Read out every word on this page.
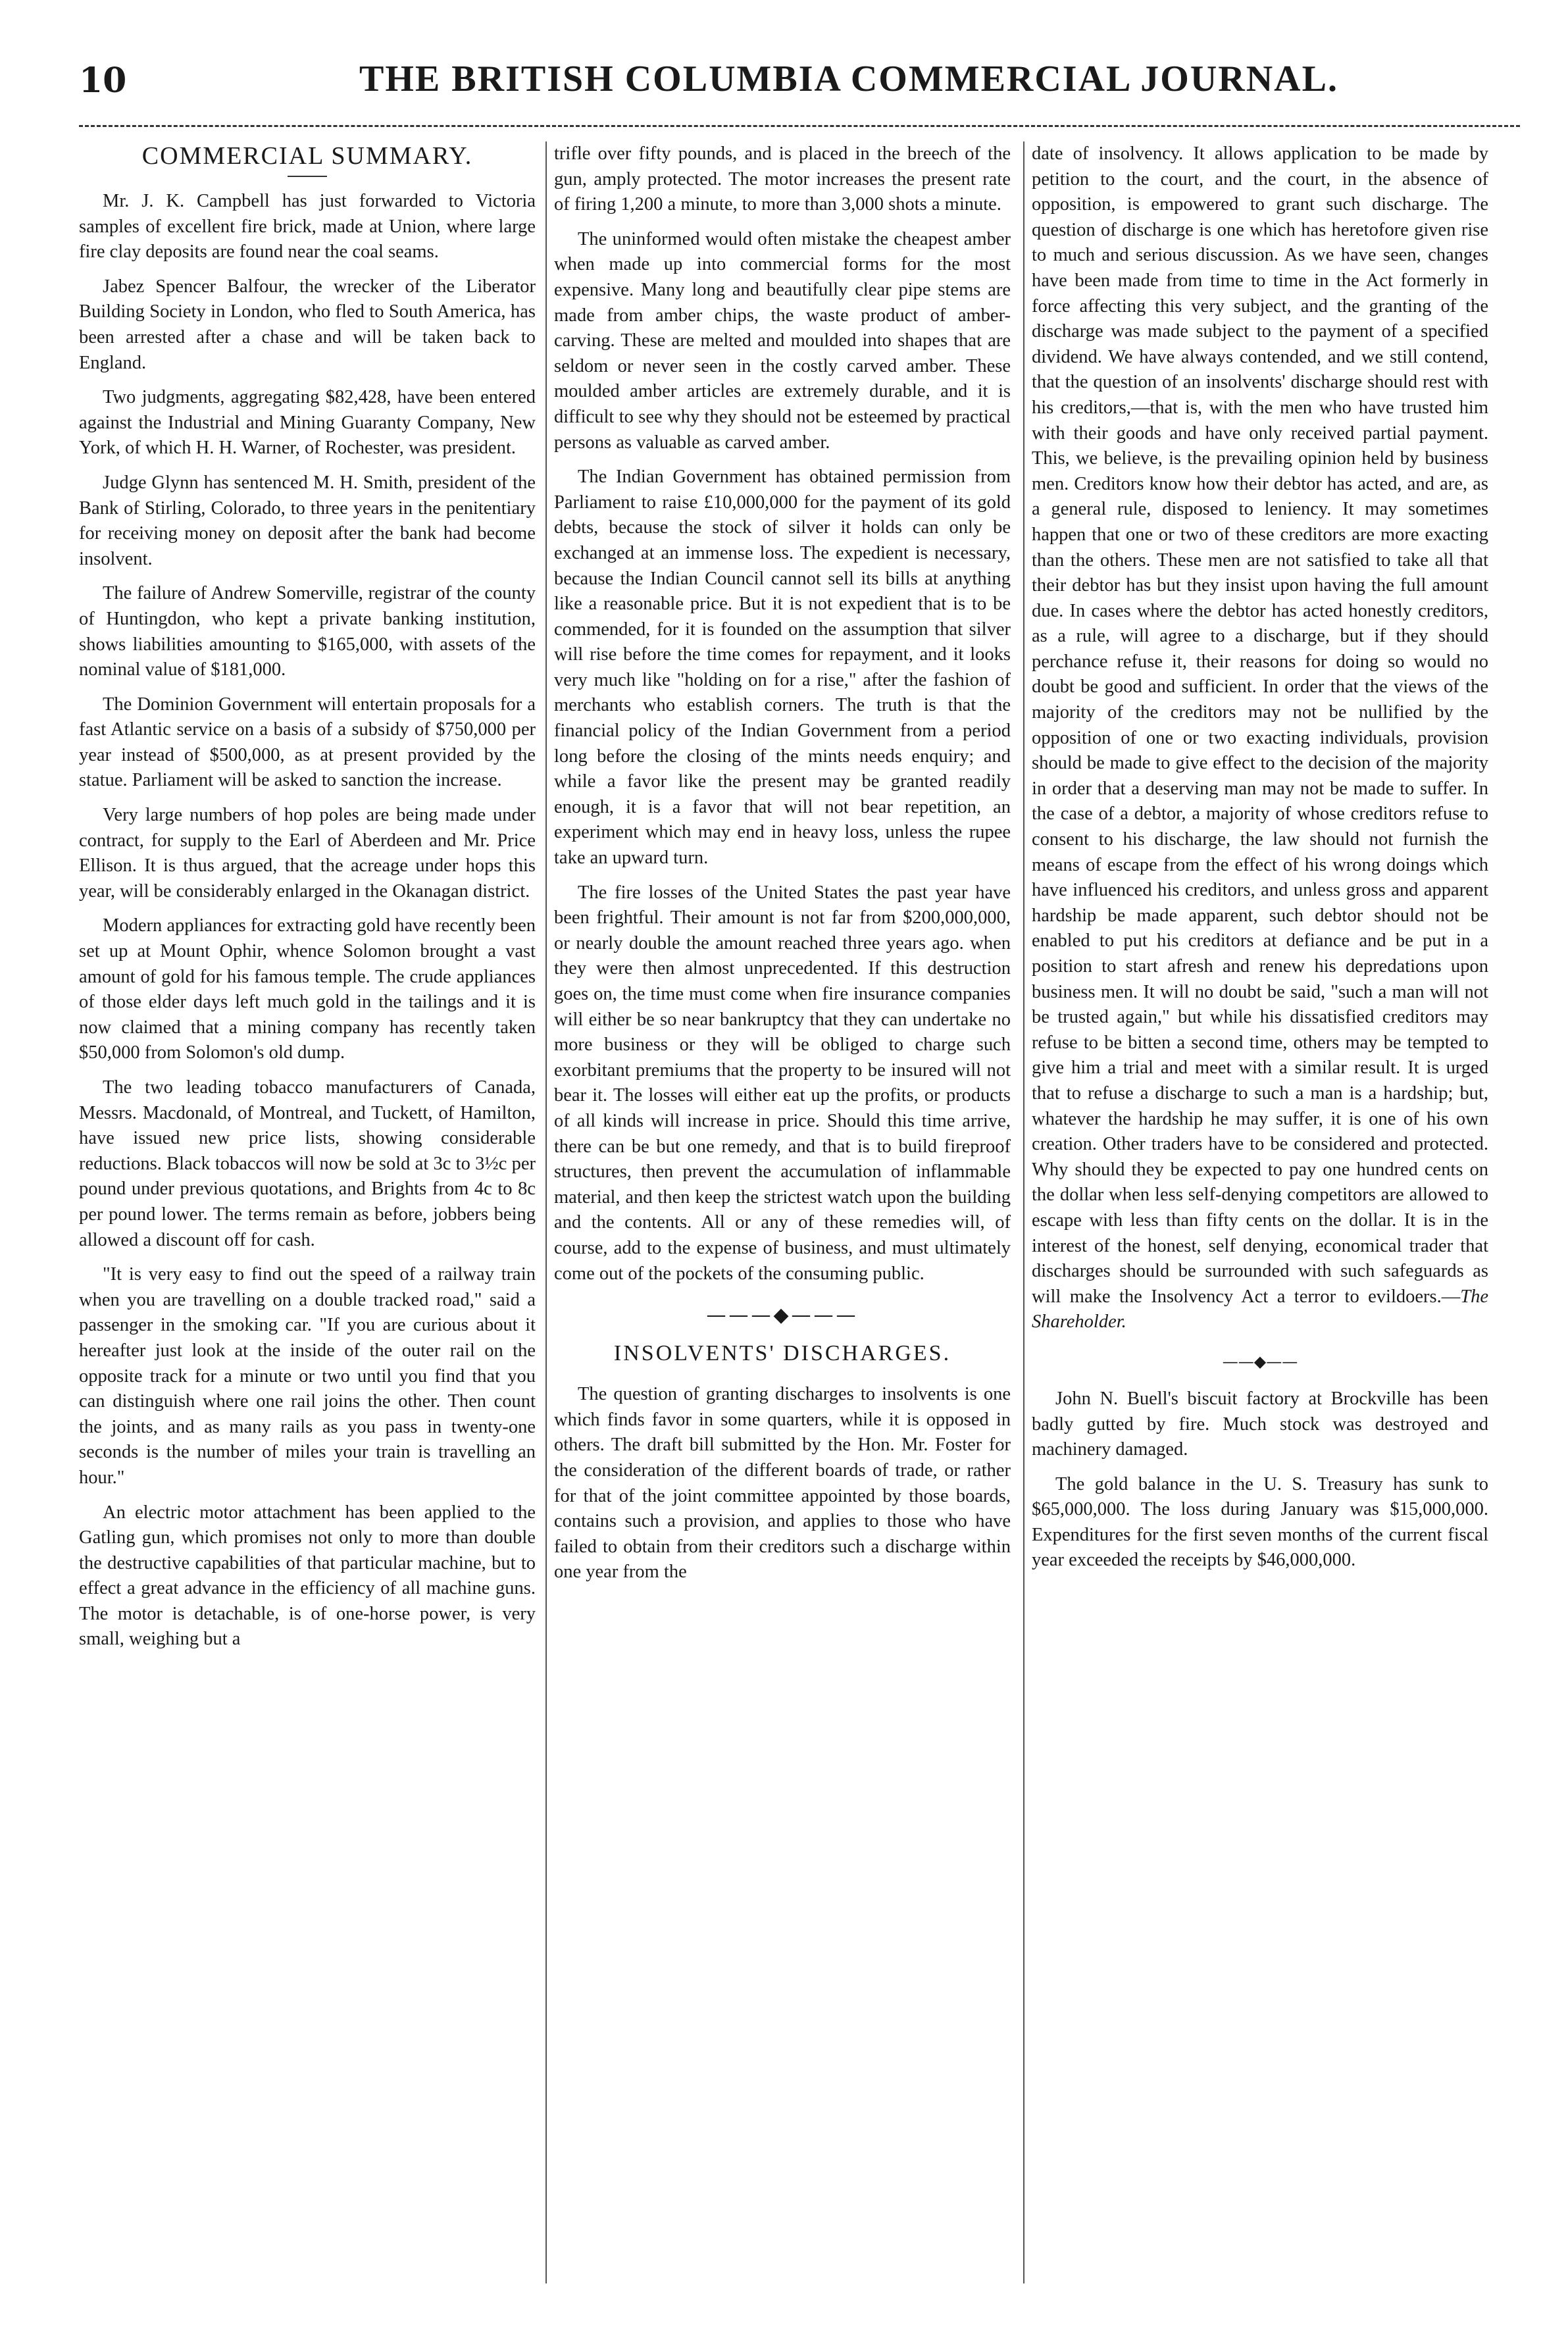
10	THE BRITISH COLUMBIA COMMERCIAL JOURNAL.
COMMERCIAL SUMMARY.

Mr. J. K. Campbell has just forwarded to Victoria samples of excellent fire brick, made at Union, where large fire clay deposits are found near the coal seams.

Jabez Spencer Balfour, the wrecker of the Liberator Building Society in London, who fled to South America, has been arrested after a chase and will be taken back to England.

Two judgments, aggregating $82,428, have been entered against the Industrial and Mining Guaranty Company, New York, of which H. H. Warner, of Rochester, was president.

Judge Glynn has sentenced M. H. Smith, president of the Bank of Stirling, Colorado, to three years in the penitentiary for receiving money on deposit after the bank had become insolvent.

The failure of Andrew Somerville, registrar of the county of Huntingdon, who kept a private banking institution, shows liabilities amounting to $165,000, with assets of the nominal value of $181,000.

The Dominion Government will entertain proposals for a fast Atlantic service on a basis of a subsidy of $750,000 per year instead of $500,000, as at present provided by the statue. Parliament will be asked to sanction the increase.

Very large numbers of hop poles are being made under contract, for supply to the Earl of Aberdeen and Mr. Price Ellison. It is thus argued, that the acreage under hops this year, will be considerably enlarged in the Okanagan district.

Modern appliances for extracting gold have recently been set up at Mount Ophir, whence Solomon brought a vast amount of gold for his famous temple. The crude appliances of those elder days left much gold in the tailings and it is now claimed that a mining company has recently taken $50,000 from Solomon's old dump.

The two leading tobacco manufacturers of Canada, Messrs. Macdonald, of Montreal, and Tuckett, of Hamilton, have issued new price lists, showing considerable reductions. Black tobaccos will now be sold at 3c to 3½c per pound under previous quotations, and Brights from 4c to 8c per pound lower. The terms remain as before, jobbers being allowed a discount off for cash.

"It is very easy to find out the speed of a railway train when you are travelling on a double tracked road," said a passenger in the smoking car. "If you are curious about it hereafter just look at the inside of the outer rail on the opposite track for a minute or two until you find that you can distinguish where one rail joins the other. Then count the joints, and as many rails as you pass in twenty-one seconds is the number of miles your train is travelling an hour."

An electric motor attachment has been applied to the Gatling gun, which promises not only to more than double the destructive capabilities of that particular machine, but to effect a great advance in the efficiency of all machine guns. The motor is detachable, is of one-horse power, is very small, weighing but a

trifle over fifty pounds, and is placed in the breech of the gun, amply protected. The motor increases the present rate of firing 1,200 a minute, to more than 3,000 shots a minute.

The uninformed would often mistake the cheapest amber when made up into commercial forms for the most expensive. Many long and beautifully clear pipe stems are made from amber chips, the waste product of amber-carving. These are melted and moulded into shapes that are seldom or never seen in the costly carved amber. These moulded amber articles are extremely durable, and it is difficult to see why they should not be esteemed by practical persons as valuable as carved amber.

The Indian Government has obtained permission from Parliament to raise £10,000,000 for the payment of its gold debts, because the stock of silver it holds can only be exchanged at an immense loss. The expedient is necessary, because the Indian Council cannot sell its bills at anything like a reasonable price. But it is not expedient that is to be commended, for it is founded on the assumption that silver will rise before the time comes for repayment, and it looks very much like "holding on for a rise," after the fashion of merchants who establish corners. The truth is that the financial policy of the Indian Government from a period long before the closing of the mints needs enquiry; and while a favor like the present may be granted readily enough, it is a favor that will not bear repetition, an experiment which may end in heavy loss, unless the rupee take an upward turn.

The fire losses of the United States the past year have been frightful. Their amount is not far from $200,000,000, or nearly double the amount reached three years ago. when they were then almost unprecedented. If this destruction goes on, the time must come when fire insurance companies will either be so near bankruptcy that they can undertake no more business or they will be obliged to charge such exorbitant premiums that the property to be insured will not bear it. The losses will either eat up the profits, or products of all kinds will increase in price. Should this time arrive, there can be but one remedy, and that is to build fireproof structures, then prevent the accumulation of inflammable material, and then keep the strictest watch upon the building and the contents. All or any of these remedies will, of course, add to the expense of business, and must ultimately come out of the pockets of the consuming public.

———◆———
INSOLVENTS' DISCHARGES.

The question of granting discharges to insolvents is one which finds favor in some quarters, while it is opposed in others. The draft bill submitted by the Hon. Mr. Foster for the consideration of the different boards of trade, or rather for that of the joint committee appointed by those boards, contains such a provision, and applies to those who have failed to obtain from their creditors such a discharge within one year from the

date of insolvency. It allows application to be made by petition to the court, and the court, in the absence of opposition, is empowered to grant such discharge. The question of discharge is one which has heretofore given rise to much and serious discussion. As we have seen, changes have been made from time to time in the Act formerly in force affecting this very subject, and the granting of the discharge was made subject to the payment of a specified dividend. We have always contended, and we still contend, that the question of an insolvents' discharge should rest with his creditors,—that is, with the men who have trusted him with their goods and have only received partial payment. This, we believe, is the prevailing opinion held by business men. Creditors know how their debtor has acted, and are, as a general rule, disposed to leniency. It may sometimes happen that one or two of these creditors are more exacting than the others. These men are not satisfied to take all that their debtor has but they insist upon having the full amount due. In cases where the debtor has acted honestly creditors, as a rule, will agree to a discharge, but if they should perchance refuse it, their reasons for doing so would no doubt be good and sufficient. In order that the views of the majority of the creditors may not be nullified by the opposition of one or two exacting individuals, provision should be made to give effect to the decision of the majority in order that a deserving man may not be made to suffer. In the case of a debtor, a majority of whose creditors refuse to consent to his discharge, the law should not furnish the means of escape from the effect of his wrong doings which have influenced his creditors, and unless gross and apparent hardship be made apparent, such debtor should not be enabled to put his creditors at defiance and be put in a position to start afresh and renew his depredations upon business men. It will no doubt be said, "such a man will not be trusted again," but while his dissatisfied creditors may refuse to be bitten a second time, others may be tempted to give him a trial and meet with a similar result. It is urged that to refuse a discharge to such a man is a hardship; but, whatever the hardship he may suffer, it is one of his own creation. Other traders have to be considered and protected. Why should they be expected to pay one hundred cents on the dollar when less self-denying competitors are allowed to escape with less than fifty cents on the dollar. It is in the interest of the honest, self denying, economical trader that discharges should be surrounded with such safeguards as will make the Insolvency Act a terror to evildoers.—The Shareholder.

——◆——

John N. Buell's biscuit factory at Brockville has been badly gutted by fire. Much stock was destroyed and machinery damaged.

The gold balance in the U. S. Treasury has sunk to $65,000,000. The loss during January was $15,000,000. Expenditures for the first seven months of the current fiscal year exceeded the receipts by $46,000,000.
